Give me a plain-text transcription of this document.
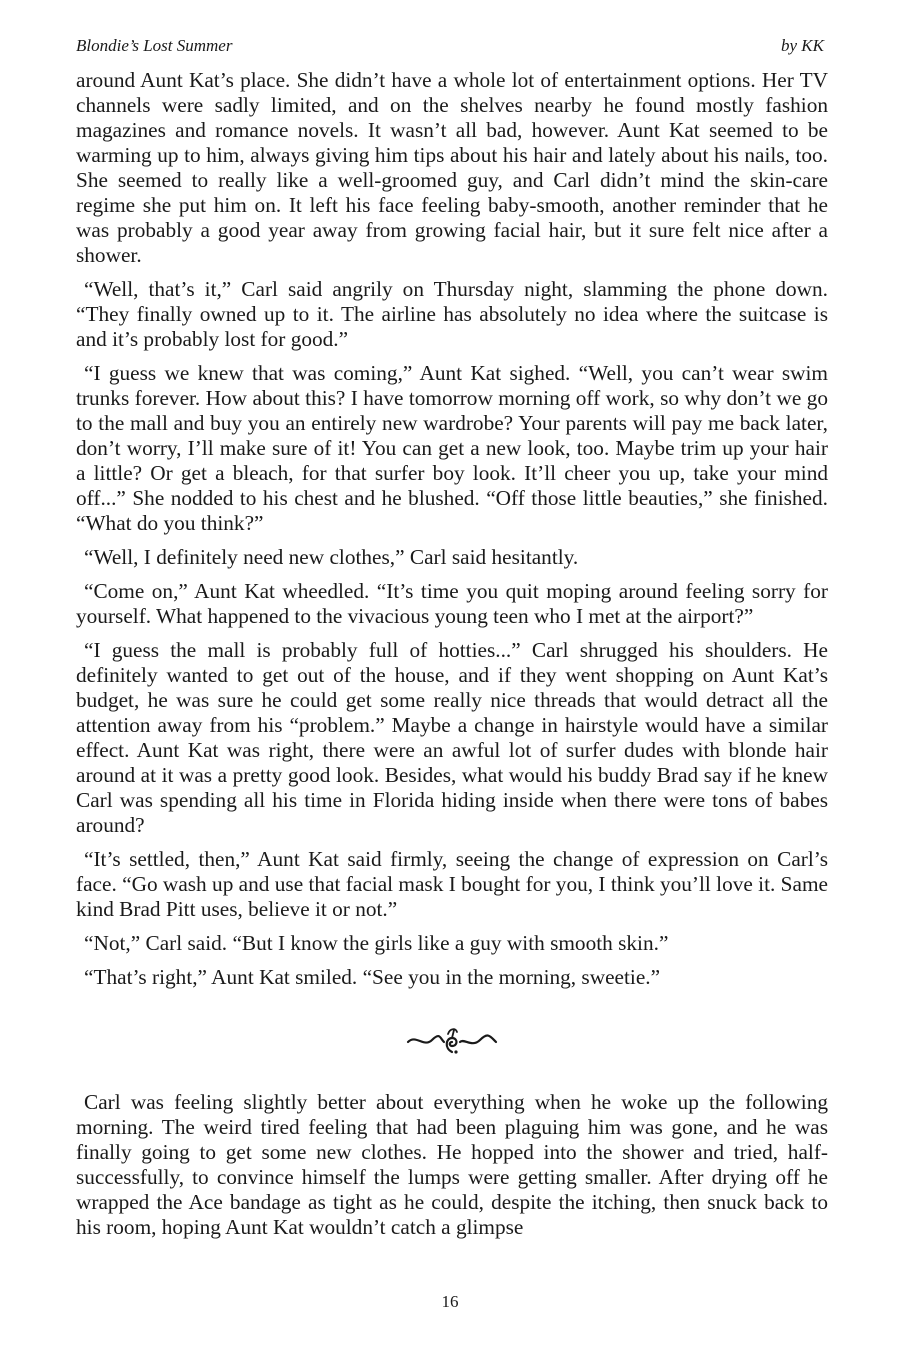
Blondie’s Lost Summer	by KK

around Aunt Kat’s place. She didn’t have a whole lot of entertainment options. Her TV channels were sadly limited, and on the shelves nearby he found mostly fashion magazines and romance novels. It wasn’t all bad, however. Aunt Kat seemed to be warming up to him, always giving him tips about his hair and lately about his nails, too. She seemed to really like a well-groomed guy, and Carl didn’t mind the skin-care regime she put him on. It left his face feeling baby-smooth, another reminder that he was probably a good year away from growing facial hair, but it sure felt nice after a shower.

“Well, that’s it,” Carl said angrily on Thursday night, slamming the phone down. “They finally owned up to it. The airline has absolutely no idea where the suitcase is and it’s probably lost for good.”

“I guess we knew that was coming,” Aunt Kat sighed. “Well, you can’t wear swim trunks forever. How about this? I have tomorrow morning off work, so why don’t we go to the mall and buy you an entirely new wardrobe? Your parents will pay me back later, don’t worry, I’ll make sure of it! You can get a new look, too. Maybe trim up your hair a little? Or get a bleach, for that surfer boy look. It’ll cheer you up, take your mind off...” She nodded to his chest and he blushed. “Off those little beauties,” she finished. “What do you think?”

“Well, I definitely need new clothes,” Carl said hesitantly.

“Come on,” Aunt Kat wheedled. “It’s time you quit moping around feeling sorry for yourself. What happened to the vivacious young teen who I met at the airport?”

“I guess the mall is probably full of hotties...” Carl shrugged his shoulders. He definitely wanted to get out of the house, and if they went shopping on Aunt Kat’s budget, he was sure he could get some really nice threads that would detract all the attention away from his “problem.” Maybe a change in hairstyle would have a similar effect. Aunt Kat was right, there were an awful lot of surfer dudes with blonde hair around at it was a pretty good look. Besides, what would his buddy Brad say if he knew Carl was spending all his time in Florida hiding inside when there were tons of babes around?

“It’s settled, then,” Aunt Kat said firmly, seeing the change of expression on Carl’s face. “Go wash up and use that facial mask I bought for you, I think you’ll love it. Same kind Brad Pitt uses, believe it or not.”

“Not,” Carl said. “But I know the girls like a guy with smooth skin.”

“That’s right,” Aunt Kat smiled. “See you in the morning, sweetie.”

Carl was feeling slightly better about everything when he woke up the following morning. The weird tired feeling that had been plaguing him was gone, and he was finally going to get some new clothes. He hopped into the shower and tried, half-successfully, to convince himself the lumps were getting smaller. After drying off he wrapped the Ace bandage as tight as he could, despite the itching, then snuck back to his room, hoping Aunt Kat wouldn’t catch a glimpse

16
